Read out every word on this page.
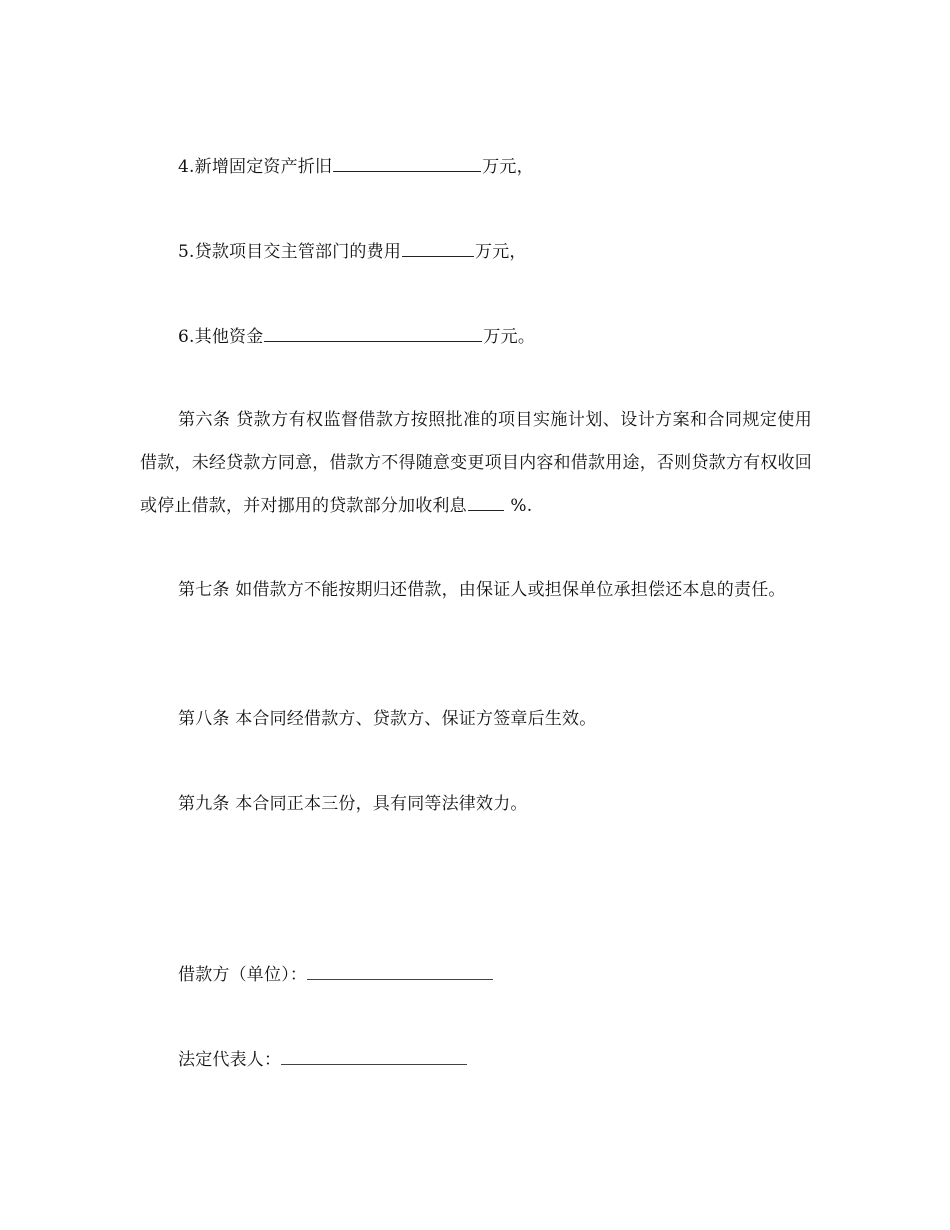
4.新增固定资产折旧	万元，
5.贷款项目交主管部门的费用	万元，
6.其他资金	万元。
第六条 贷款方有权监督借款方按照批准的项目实施计划、设计方案和合同规定使用借款，未经贷款方同意，借款方不得随意变更项目内容和借款用途，否则贷款方有权收回或停止借款，并对挪用的贷款部分加收利息 %.
第七条 如借款方不能按期归还借款，由保证人或担保单位承担偿还本息的责任。
第八条 本合同经借款方、贷款方、保证方签章后生效。
第九条 本合同正本三份，具有同等法律效力。
借款方（单位）：
法定代表人：
